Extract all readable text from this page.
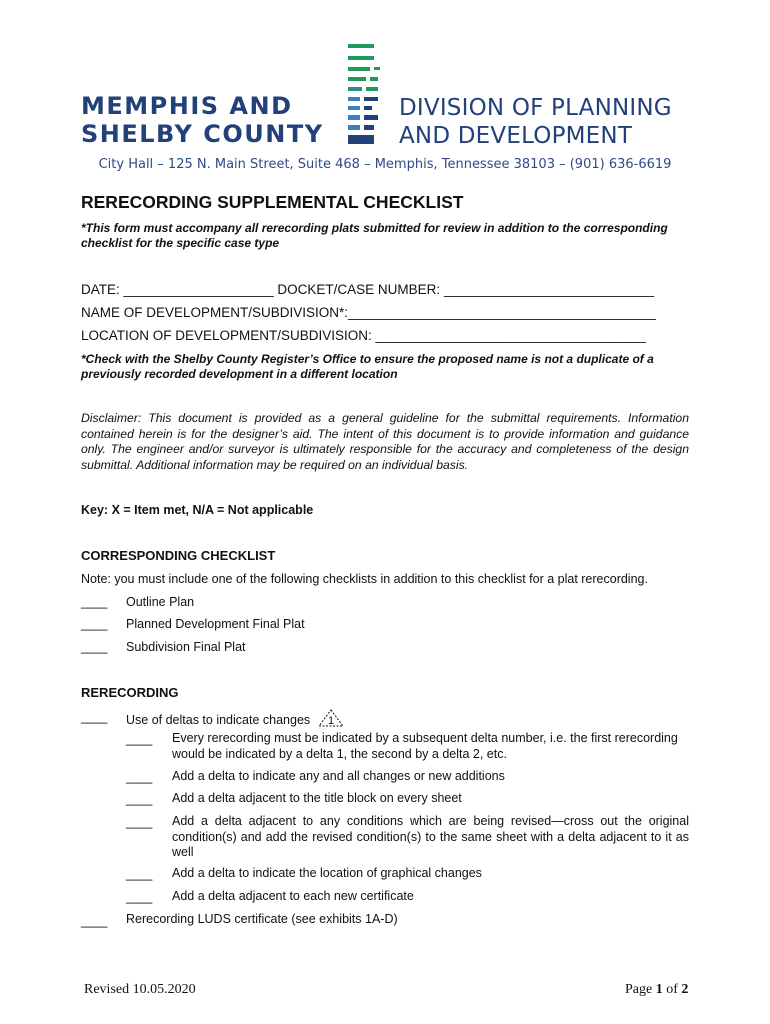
MEMPHIS AND
SHELBY COUNTY
DIVISION OF PLANNING
AND DEVELOPMENT
City Hall – 125 N. Main Street, Suite 468 – Memphis, Tennessee 38103 – (901) 636-6619
RERECORDING SUPPLEMENTAL CHECKLIST
*This form must accompany all rerecording plats submitted for review in addition to the corresponding checklist for the specific case type
DATE: ____________________ DOCKET/CASE NUMBER: ____________________________
NAME OF DEVELOPMENT/SUBDIVISION*:_________________________________________
LOCATION OF DEVELOPMENT/SUBDIVISION: ____________________________________
*Check with the Shelby County Register’s Office to ensure the proposed name is not a duplicate of a previously recorded development in a different location
Disclaimer: This document is provided as a general guideline for the submittal requirements. Information contained herein is for the designer’s aid. The intent of this document is to provide information and guidance only. The engineer and/or surveyor is ultimately responsible for the accuracy and completeness of the design submittal. Additional information may be required on an individual basis.
Key: X = Item met, N/A = Not applicable
CORRESPONDING CHECKLIST
Note: you must include one of the following checklists in addition to this checklist for a plat rerecording.
____ Outline Plan
____ Planned Development Final Plat
____ Subdivision Final Plat
RERECORDING
____ Use of deltas to indicate changes 1
____ Every rerecording must be indicated by a subsequent delta number, i.e. the first rerecording would be indicated by a delta 1, the second by a delta 2, etc.
____ Add a delta to indicate any and all changes or new additions
____ Add a delta adjacent to the title block on every sheet
____ Add a delta adjacent to any conditions which are being revised—cross out the original condition(s) and add the revised condition(s) to the same sheet with a delta adjacent to it as well
____ Add a delta to indicate the location of graphical changes
____ Add a delta adjacent to each new certificate
____ Rerecording LUDS certificate (see exhibits 1A-D)
Revised 10.05.2020	Page 1 of 2
